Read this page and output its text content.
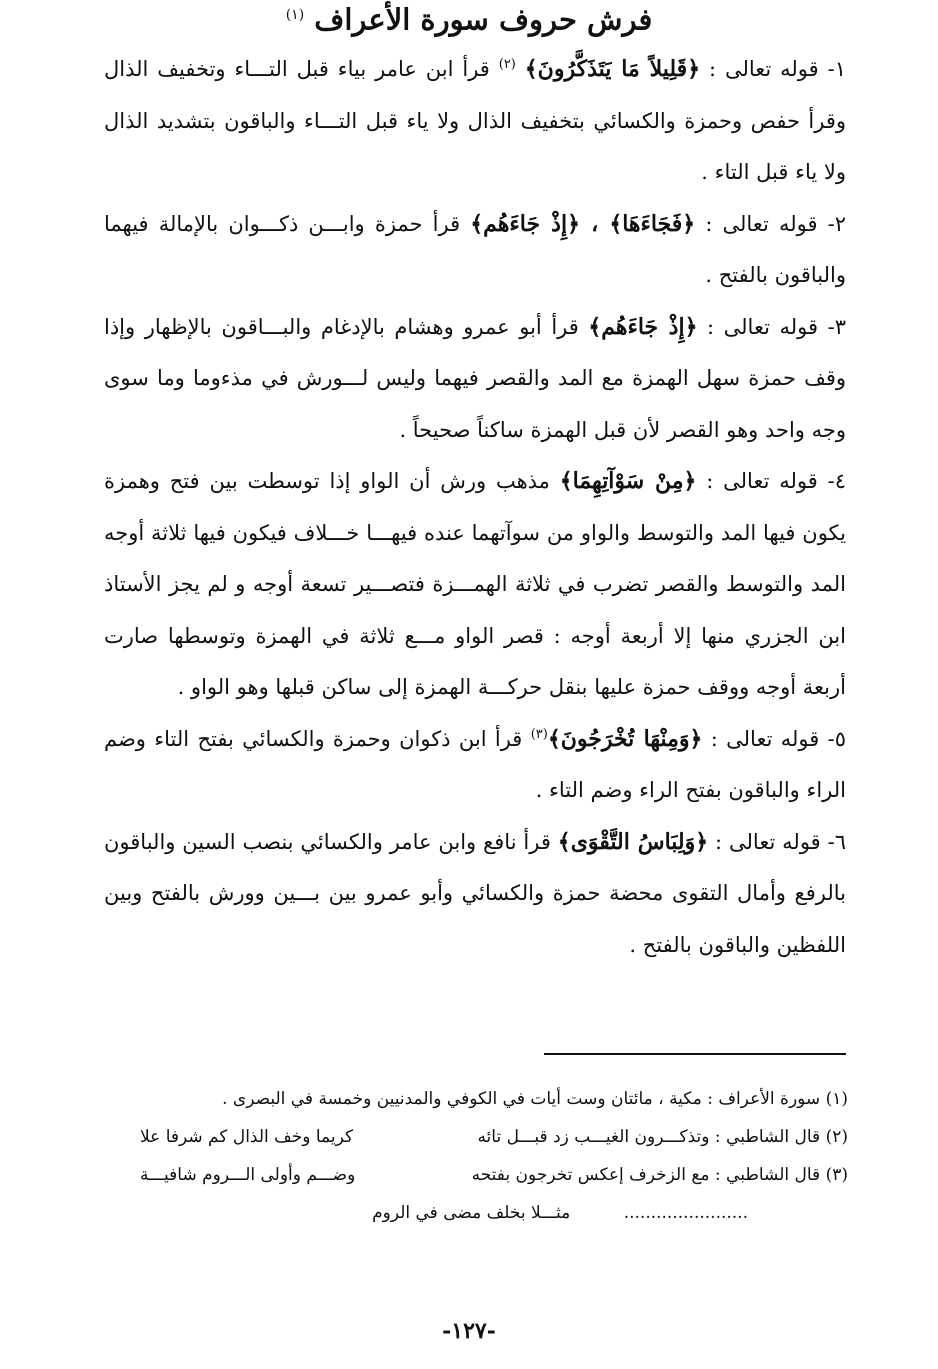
فرش حروف سورة الأعراف $^{(١)}$

١- قوله تعالى : ﴿قَلِيلاً مَا يَتَذَكَّرُونَ﴾ $^{(٢)}$ قرأ ابن عامر بياء قبل التـــاء وتخفيف الذال وقرأ حفص وحمزة والكسائي بتخفيف الذال ولا ياء قبل التـــاء والباقون بتشديد الذال ولا ياء قبل التاء .

٢- قوله تعالى : ﴿فَجَاءَهَا﴾ ، ﴿إِذْ جَاءَهُم﴾ قرأ حمزة وابـــن ذكـــوان بالإمالة فيهما والباقون بالفتح .

٣- قوله تعالى : ﴿إِذْ جَاءَهُم﴾ قرأ أبو عمرو وهشام بالإدغام والبـــاقون بالإظهار وإذا وقف حمزة سهل الهمزة مع المد والقصر فيهما وليس لـــورش في مذءوما وما سوى وجه واحد وهو القصر لأن قبل الهمزة ساكناً صحيحاً .

٤- قوله تعالى : ﴿مِنْ سَوْآتِهِمَا﴾ مذهب ورش أن الواو إذا توسطت بين فتح وهمزة يكون فيها المد والتوسط والواو من سوآتهما عنده فيهـــا خـــلاف فيكون فيها ثلاثة أوجه المد والتوسط والقصر تضرب في ثلاثة الهمـــزة فتصـــير تسعة أوجه و لم يجز الأستاذ ابن الجزري منها إلا أربعة أوجه : قصر الواو مـــع ثلاثة في الهمزة وتوسطها صارت أربعة أوجه ووقف حمزة عليها بنقل حركـــة الهمزة إلى ساكن قبلها وهو الواو .

٥- قوله تعالى : ﴿وَمِنْهَا تُخْرَجُونَ﴾$^{(٣)}$ قرأ ابن ذكوان وحمزة والكسائي بفتح التاء وضم الراء والباقون بفتح الراء وضم التاء .

٦- قوله تعالى : ﴿وَلِبَاسُ التَّقْوَى﴾ قرأ نافع وابن عامر والكسائي بنصب السين والباقون بالرفع وأمال التقوى محضة حمزة والكسائي وأبو عمرو بين بـــين وورش بالفتح وبين اللفظين والباقون بالفتح .

(١) سورة الأعراف : مكية ، مائتان وست أيات في الكوفي والمدنيين وخمسة في البصرى .

(٢) قال الشاطبي : وتذكـــرون الغيـــب زد قبـــل تائه
كريما وخف الذال كم شرفا علا

(٣) قال الشاطبي : مع الزخرف إعكس تخرجون بفتحه
وضـــم وأولى الـــروم شافيـــة

....................... مثـــلا بخلف مضى في الروم

-١٢٧-
